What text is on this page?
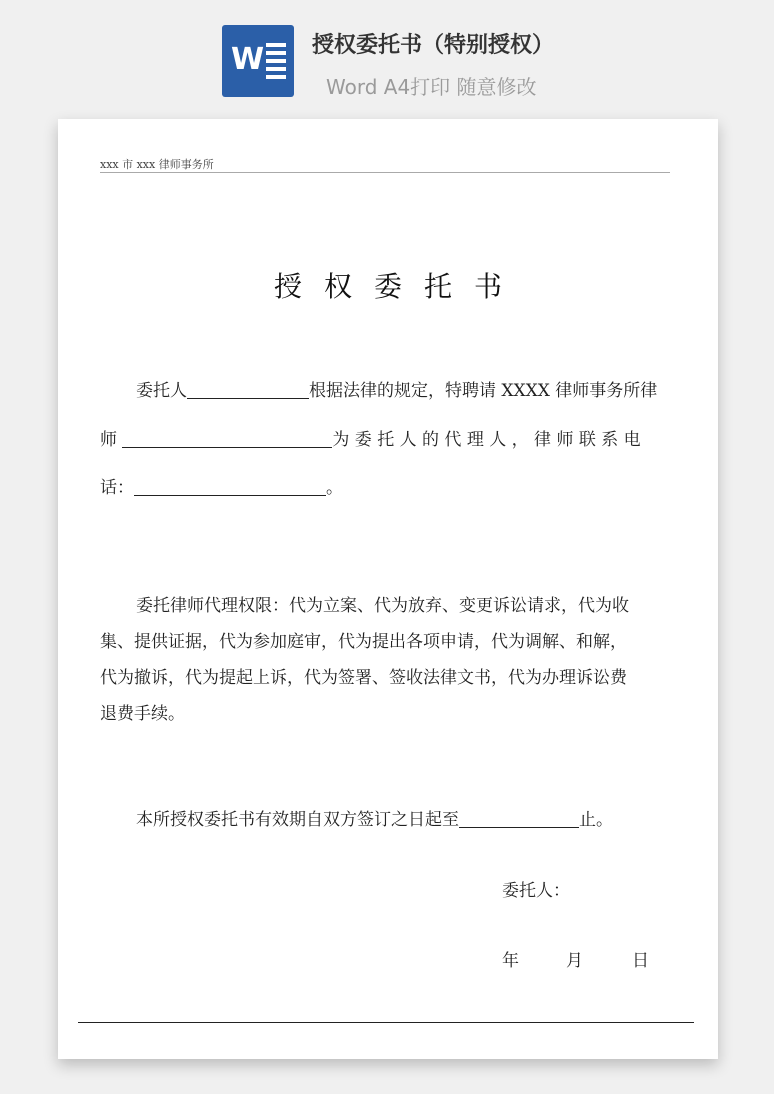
W 授权委托书（特别授权）
Word A4打印 随意修改
xxx 市 xxx 律师事务所
授权委托书
委托人	根据法律的规定，特聘请 XXXX 律师事务所律
师	为 委 托 人 的 代 理 人 ， 律 师 联 系 电
话：	。
委托律师代理权限：代为立案、代为放弃、变更诉讼请求，代为收
集、提供证据，代为参加庭审，代为提出各项申请，代为调解、和解，
代为撤诉，代为提起上诉，代为签署、签收法律文书，代为办理诉讼费
退费手续。
本所授权委托书有效期自双方签订之日起至	止。
委托人：
年	月	日
